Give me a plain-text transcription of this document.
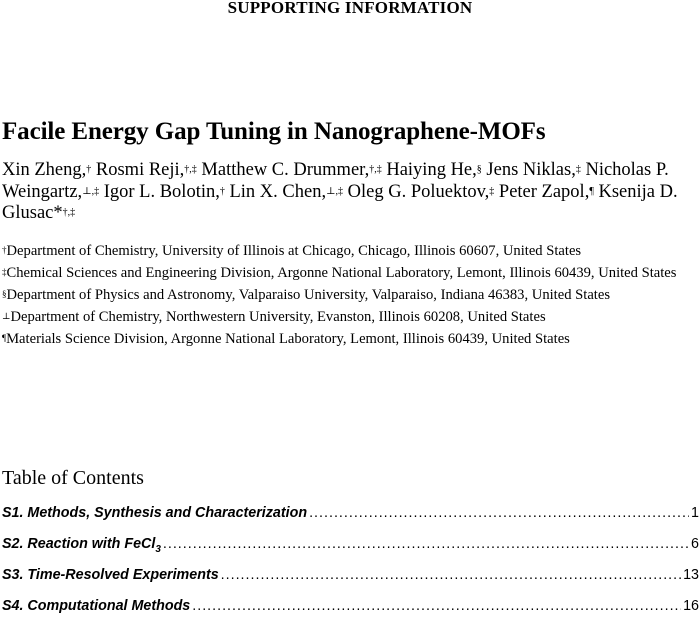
SUPPORTING INFORMATION
Facile Energy Gap Tuning in Nanographene-MOFs
Xin Zheng,† Rosmi Reji,†,‡ Matthew C. Drummer,†,‡ Haiying He,§ Jens Niklas,‡ Nicholas P. Weingartz,⊥,‡ Igor L. Bolotin,† Lin X. Chen,⊥,‡ Oleg G. Poluektov,‡ Peter Zapol,¶ Ksenija D. Glusac*†,‡
†Department of Chemistry, University of Illinois at Chicago, Chicago, Illinois 60607, United States
‡Chemical Sciences and Engineering Division, Argonne National Laboratory, Lemont, Illinois 60439, United States
§Department of Physics and Astronomy, Valparaiso University, Valparaiso, Indiana 46383, United States
⊥Department of Chemistry, Northwestern University, Evanston, Illinois 60208, United States
¶Materials Science Division, Argonne National Laboratory, Lemont, Illinois 60439, United States
Table of Contents
S1. Methods, Synthesis and Characterization .....	1
S2. Reaction with FeCl$_3$ .....	6
S3. Time-Resolved Experiments .....	13
S4. Computational Methods .....	16
